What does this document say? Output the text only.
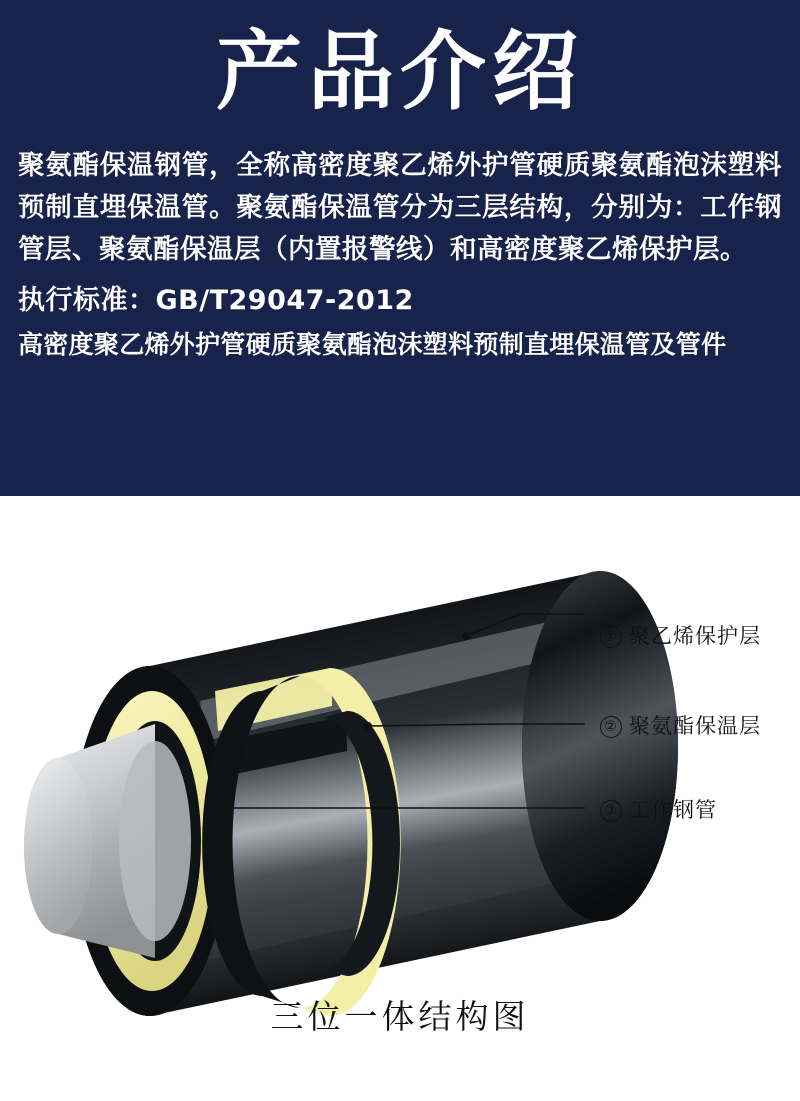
产品介绍
聚氨酯保温钢管，全称高密度聚乙烯外护管硬质聚氨酯泡沫塑料预制直埋保温管。聚氨酯保温管分为三层结构，分别为：工作钢管层、聚氨酯保温层（内置报警线）和高密度聚乙烯保护层。
执行标准：GB/T29047-2012
高密度聚乙烯外护管硬质聚氨酯泡沫塑料预制直埋保温管及管件
① 聚乙烯保护层
② 聚氨酯保温层
③ 工作钢管
三位一体结构图
